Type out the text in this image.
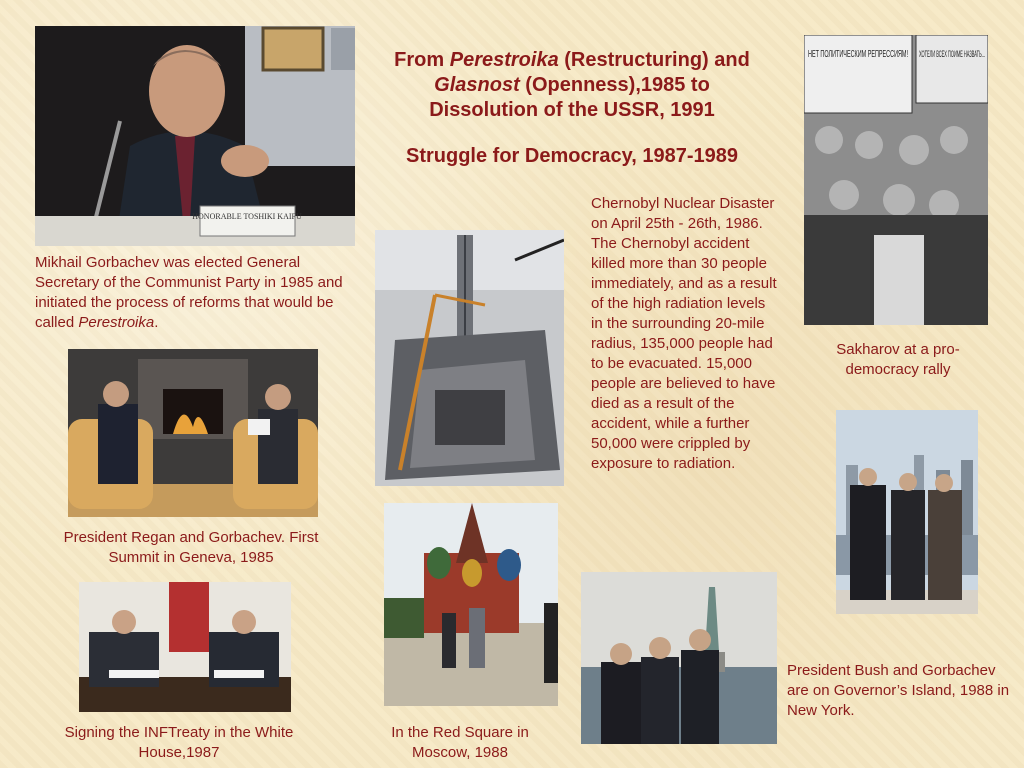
From Perestroika (Restructuring) and
Glasnost (Openness),1985 to
Dissolution of the USSR, 1991
Struggle for Democracy, 1987-1989
HONORABLE TOSHIKI KAIFU
Mikhail Gorbachev was elected General Secretary of the Communist Party in 1985 and initiated the process of reforms that would be called Perestroika.
Chernobyl Nuclear Disaster on April 25th - 26th, 1986. The Chernobyl accident killed more than 30 people immediately, and as a result of the high radiation levels in the surrounding 20-mile radius, 135,000 people had to be evacuated. 15,000 people are believed to have died as a result of the accident, while a further 50,000 were crippled by exposure to radiation.
НЕТ ПОЛИТИЧЕСКИМ РЕПРЕССИЯМ! ХОТЕЛИ ВСЕХ ПОИМЕ НАЗВАТЬ...
Sakharov at a pro-democracy rally
President Regan and Gorbachev. First Summit in Geneva, 1985
In the Red Square in Moscow, 1988
Signing the INFTreaty in the White House,1987
President Bush and Gorbachev are on Governor’s Island, 1988 in New York.
